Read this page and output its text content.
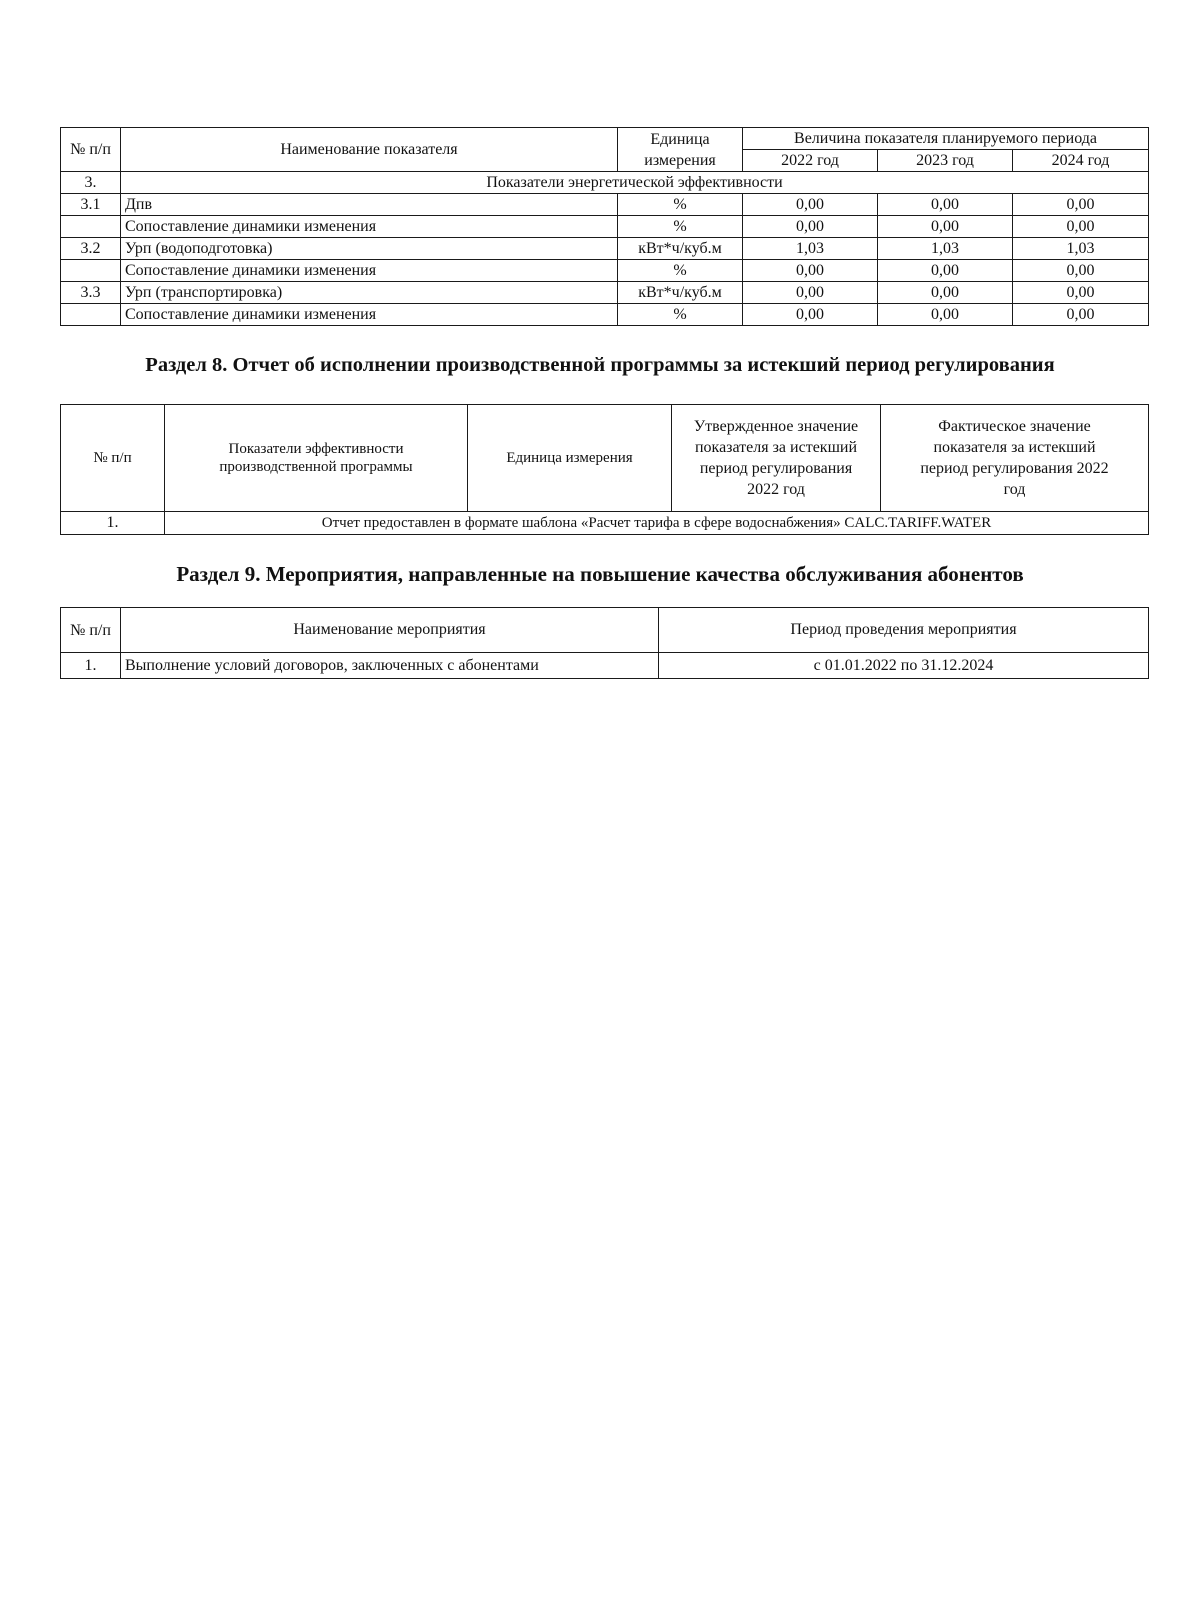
№ п/п	Наименование показателя	Единица измерения	Величина показателя планируемого периода		
			2022 год	2023 год	2024 год
3.	Показатели энергетической эффективности				
3.1	Дпв	%	0,00	0,00	0,00
	Сопоставление динамики изменения	%	0,00	0,00	0,00
3.2	Урп (водоподготовка)	кВт*ч/куб.м	1,03	1,03	1,03
	Сопоставление динамики изменения	%	0,00	0,00	0,00
3.3	Урп (транспортировка)	кВт*ч/куб.м	0,00	0,00	0,00
	Сопоставление динамики изменения	%	0,00	0,00	0,00
Раздел 8. Отчет об исполнении производственной программы за истекший период регулирования
№ п/п	Показатели эффективности производственной программы	Единица измерения	Утвержденное значение показателя за истекший период регулирования 2022 год	Фактическое значение показателя за истекший период регулирования 2022 год
1.	Отчет предоставлен в формате шаблона «Расчет тарифа в сфере водоснабжения» CALC.TARIFF.WATER			
Раздел 9. Мероприятия, направленные на повышение качества обслуживания абонентов
№ п/п	Наименование мероприятия	Период проведения мероприятия
1.	Выполнение условий договоров, заключенных с абонентами	с 01.01.2022 по 31.12.2024
